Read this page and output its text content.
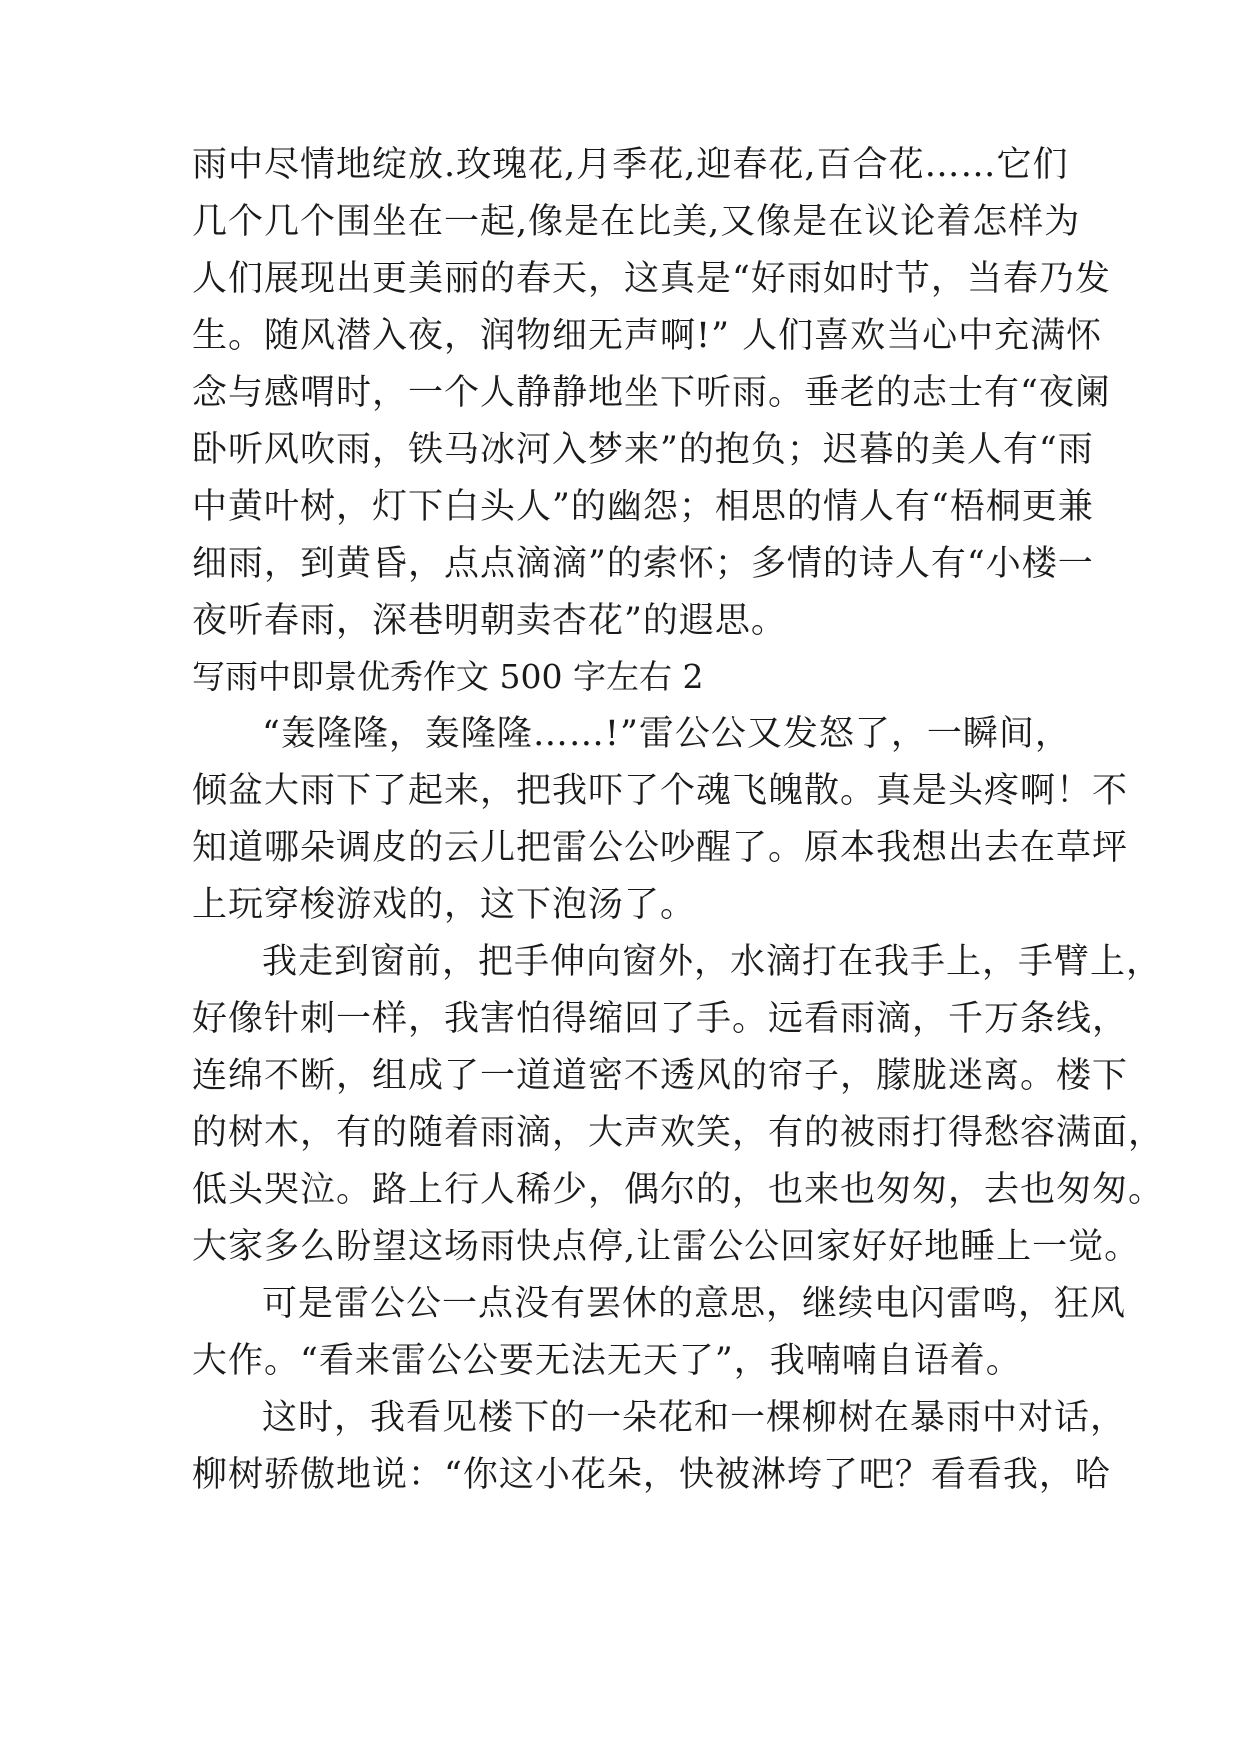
雨中尽情地绽放.玫瑰花,月季花,迎春花,百合花……它们
几个几个围坐在一起,像是在比美,又像是在议论着怎样为
人们展现出更美丽的春天，这真是“好雨如时节，当春乃发
生。随风潜入夜，润物细无声啊!” 人们喜欢当心中充满怀
念与感喟时，一个人静静地坐下听雨。垂老的志士有“夜阑
卧听风吹雨，铁马冰河入梦来”的抱负；迟暮的美人有“雨
中黄叶树，灯下白头人”的幽怨；相思的情人有“梧桐更兼
细雨，到黄昏，点点滴滴”的索怀；多情的诗人有“小楼一
夜听春雨，深巷明朝卖杏花”的遐思。
写雨中即景优秀作文 500 字左右 2
“轰隆隆，轰隆隆……!”雷公公又发怒了，一瞬间，
倾盆大雨下了起来，把我吓了个魂飞魄散。真是头疼啊！不
知道哪朵调皮的云儿把雷公公吵醒了。原本我想出去在草坪
上玩穿梭游戏的，这下泡汤了。
我走到窗前，把手伸向窗外，水滴打在我手上，手臂上，
好像针刺一样，我害怕得缩回了手。远看雨滴，千万条线，
连绵不断，组成了一道道密不透风的帘子，朦胧迷离。楼下
的树木，有的随着雨滴，大声欢笑，有的被雨打得愁容满面，
低头哭泣。路上行人稀少，偶尔的，也来也匆匆，去也匆匆。
大家多么盼望这场雨快点停,让雷公公回家好好地睡上一觉。
可是雷公公一点没有罢休的意思，继续电闪雷鸣，狂风
大作。“看来雷公公要无法无天了”，我喃喃自语着。
这时，我看见楼下的一朵花和一棵柳树在暴雨中对话，
柳树骄傲地说：“你这小花朵，快被淋垮了吧？看看我，哈
